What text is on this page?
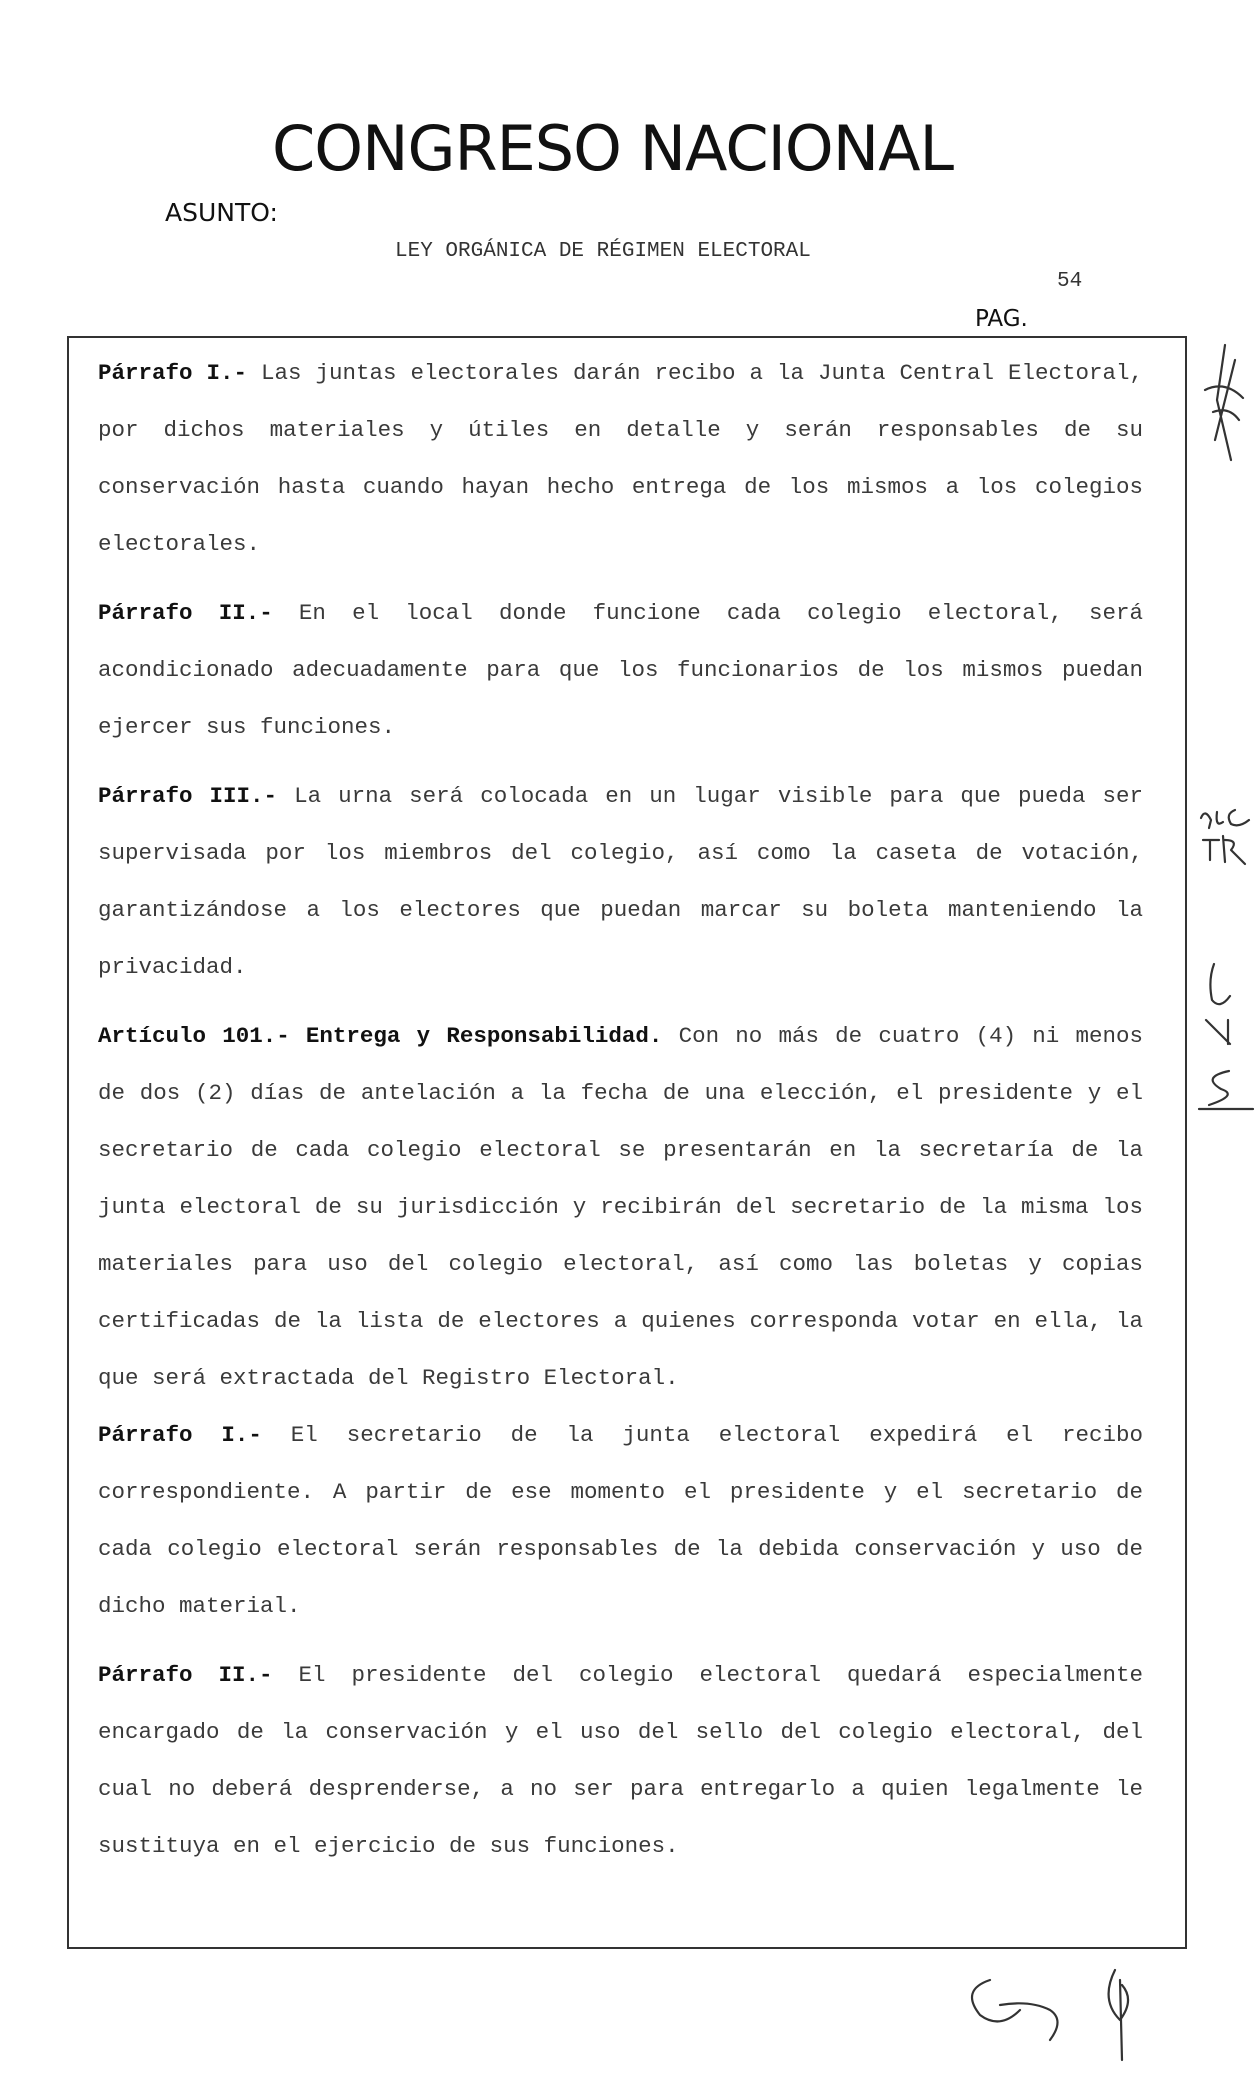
CONGRESO NACIONAL
ASUNTO:
LEY ORGÁNICA DE RÉGIMEN ELECTORAL
54
PAG.

Párrafo I.- Las juntas electorales darán recibo a la Junta Central Electoral, por dichos materiales y útiles en detalle y serán responsables de su conservación hasta cuando hayan hecho entrega de los mismos a los colegios electorales.

Párrafo II.- En el local donde funcione cada colegio electoral, será acondicionado adecuadamente para que los funcionarios de los mismos puedan ejercer sus funciones.

Párrafo III.- La urna será colocada en un lugar visible para que pueda ser supervisada por los miembros del colegio, así como la caseta de votación, garantizándose a los electores que puedan marcar su boleta manteniendo la privacidad.

Artículo 101.- Entrega y Responsabilidad. Con no más de cuatro (4) ni menos de dos (2) días de antelación a la fecha de una elección, el presidente y el secretario de cada colegio electoral se presentarán en la secretaría de la junta electoral de su jurisdicción y recibirán del secretario de la misma los materiales para uso del colegio electoral, así como las boletas y copias certificadas de la lista de electores a quienes corresponda votar en ella, la que será extractada del Registro Electoral.

Párrafo I.- El secretario de la junta electoral expedirá el recibo correspondiente. A partir de ese momento el presidente y el secretario de cada colegio electoral serán responsables de la debida conservación y uso de dicho material.

Párrafo II.- El presidente del colegio electoral quedará especialmente encargado de la conservación y el uso del sello del colegio electoral, del cual no deberá desprenderse, a no ser para entregarlo a quien legalmente le sustituya en el ejercicio de sus funciones.
